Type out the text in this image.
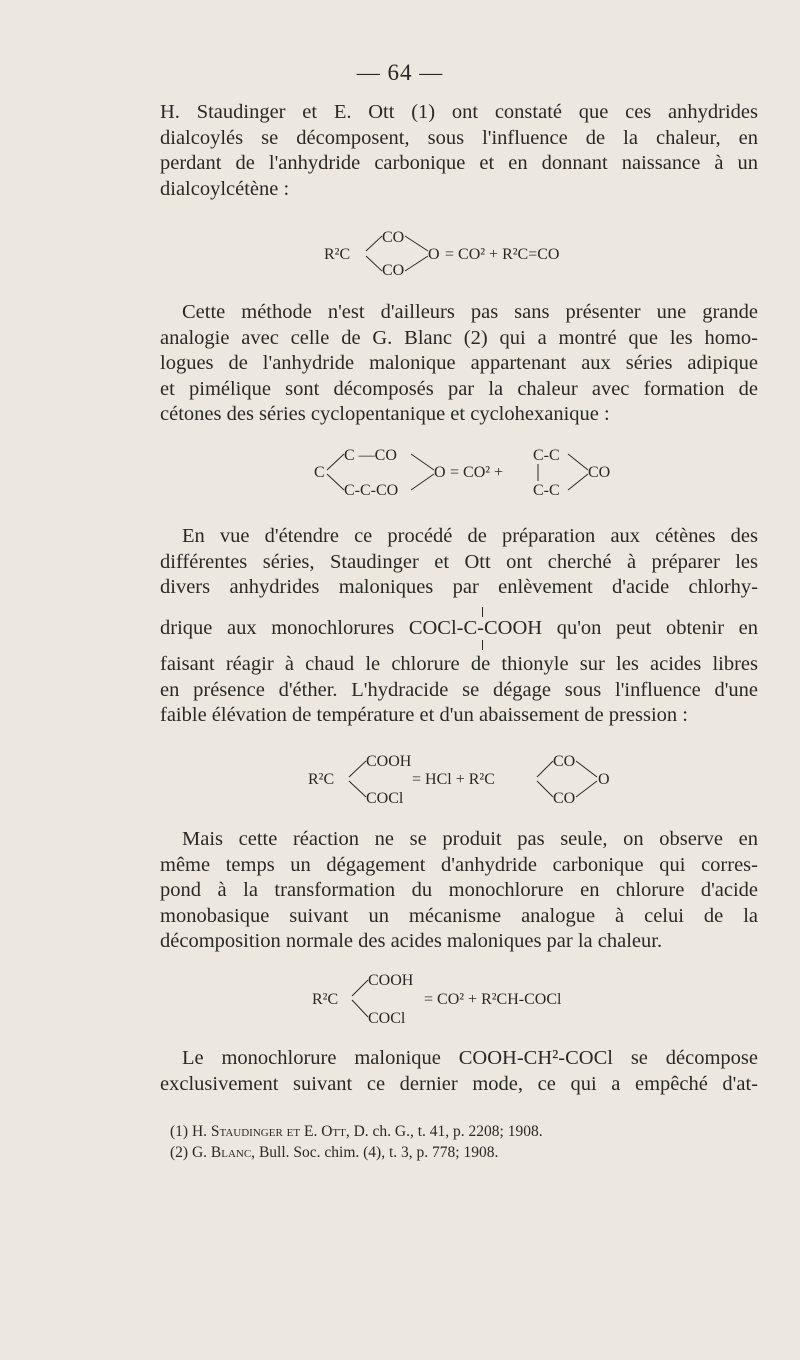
— 64 —
H. Staudinger et E. Ott (1) ont constaté que ces anhydrides
dialcoylés se décomposent, sous l'influence de la chaleur, en
perdant de l'anhydride carbonique et en donnant naissance à un
dialcoylcétène :
R²C
CO
CO
O = CO² + R²C=CO
Cette méthode n'est d'ailleurs pas sans présenter une grande
analogie avec celle de G. Blanc (2) qui a montré que les homo-
logues de l'anhydride malonique appartenant aux séries adipique
et pimélique sont décomposés par la chaleur avec formation de
cétones des séries cyclopentanique et cyclohexanique :
C
C —CO
C-C-CO
O = CO² +
C-C
C-C
CO
En vue d'étendre ce procédé de préparation aux cétènes des
différentes séries, Staudinger et Ott ont cherché à préparer les
divers anhydrides maloniques par enlèvement d'acide chlorhy-
drique aux monochlorures COCl-C-COOH qu'on peut obtenir en
faisant réagir à chaud le chlorure de thionyle sur les acides libres
en présence d'éther. L'hydracide se dégage sous l'influence d'une
faible élévation de température et d'un abaissement de pression :
R²C
COOH
COCl
= HCl + R²C
CO
CO
O
Mais cette réaction ne se produit pas seule, on observe en
même temps un dégagement d'anhydride carbonique qui corres-
pond à la transformation du monochlorure en chlorure d'acide
monobasique suivant un mécanisme analogue à celui de la
décomposition normale des acides maloniques par la chaleur.
R²C
COOH
COCl
= CO² + R²CH-COCl
Le monochlorure malonique COOH-CH²-COCl se décompose
exclusivement suivant ce dernier mode, ce qui a empêché d'at-
(1) H. Staudinger et E. Ott, D. ch. G., t. 41, p. 2208; 1908.
(2) G. Blanc, Bull. Soc. chim. (4), t. 3, p. 778; 1908.
